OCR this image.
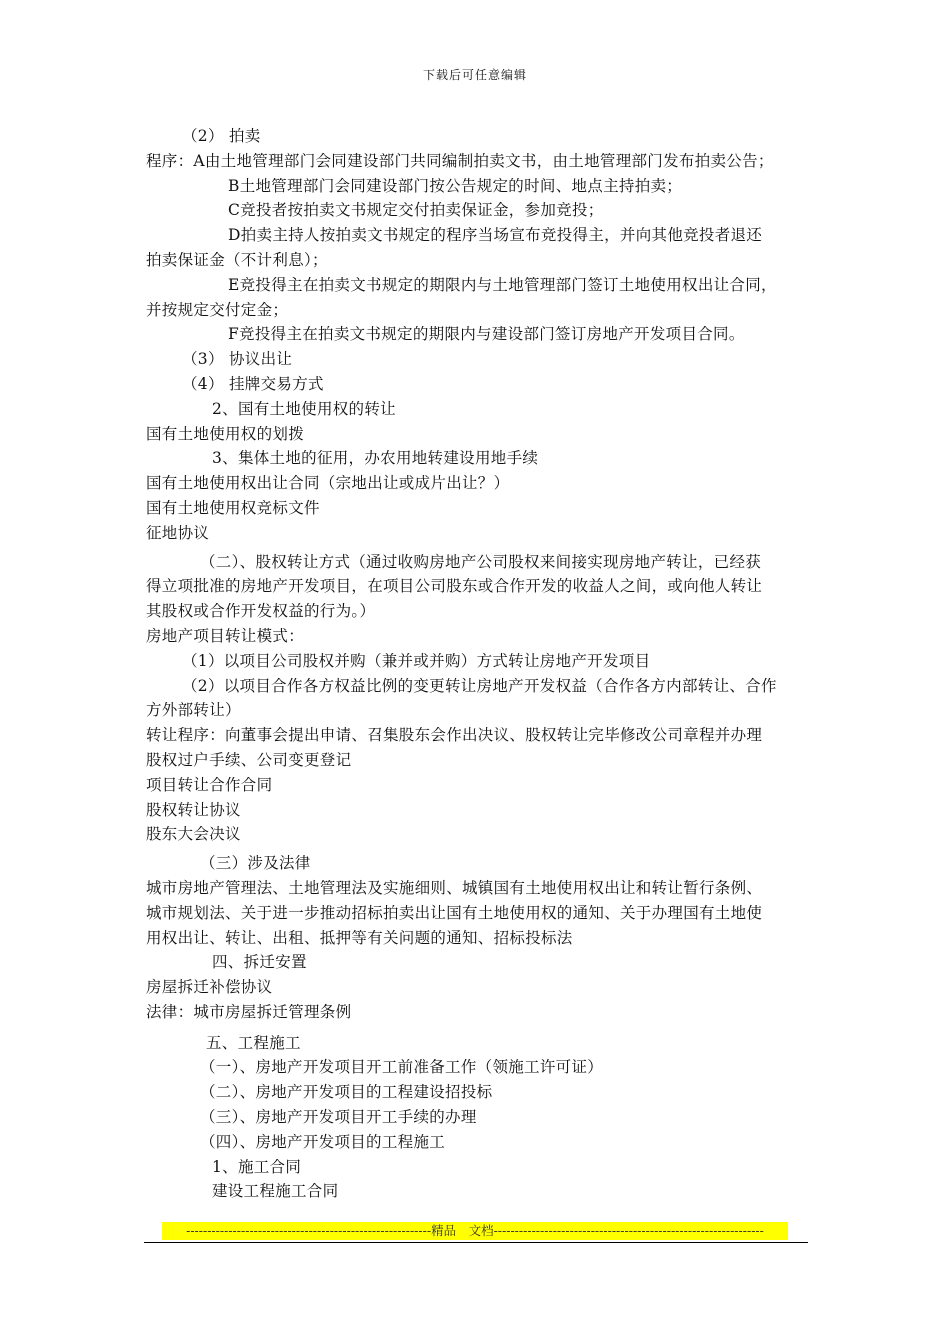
下载后可任意编辑
（2） 拍卖
程序：A由土地管理部门会同建设部门共同编制拍卖文书，由土地管理部门发布拍卖公告；
B土地管理部门会同建设部门按公告规定的时间、地点主持拍卖；
C竞投者按拍卖文书规定交付拍卖保证金，参加竞投；
D拍卖主持人按拍卖文书规定的程序当场宣布竞投得主，并向其他竞投者退还
拍卖保证金（不计利息）；
E竞投得主在拍卖文书规定的期限内与土地管理部门签订土地使用权出让合同，
并按规定交付定金；
F竞投得主在拍卖文书规定的期限内与建设部门签订房地产开发项目合同。
（3） 协议出让
（4） 挂牌交易方式
2、国有土地使用权的转让
国有土地使用权的划拨
3、集体土地的征用，办农用地转建设用地手续
国有土地使用权出让合同（宗地出让或成片出让？）
国有土地使用权竞标文件
征地协议
（二）、股权转让方式（通过收购房地产公司股权来间接实现房地产转让，已经获
得立项批准的房地产开发项目，在项目公司股东或合作开发的收益人之间，或向他人转让
其股权或合作开发权益的行为。）
房地产项目转让模式：
（1）以项目公司股权并购（兼并或并购）方式转让房地产开发项目
（2）以项目合作各方权益比例的变更转让房地产开发权益（合作各方内部转让、合作
方外部转让）
转让程序：向董事会提出申请、召集股东会作出决议、股权转让完毕修改公司章程并办理
股权过户手续、公司变更登记
项目转让合作合同
股权转让协议
股东大会决议
（三）涉及法律
城市房地产管理法、土地管理法及实施细则、城镇国有土地使用权出让和转让暂行条例、
城市规划法、关于进一步推动招标拍卖出让国有土地使用权的通知、关于办理国有土地使
用权出让、转让、出租、抵押等有关问题的通知、招标投标法
四、拆迁安置
房屋拆迁补偿协议
法律：城市房屋拆迁管理条例
五、工程施工
（一）、房地产开发项目开工前准备工作（领施工许可证）
（二）、房地产开发项目的工程建设招投标
（三）、房地产开发项目开工手续的办理
（四）、房地产开发项目的工程施工
1、施工合同
建设工程施工合同
----------------------------------------------------------精品　文档----------------------------------------------------------------
